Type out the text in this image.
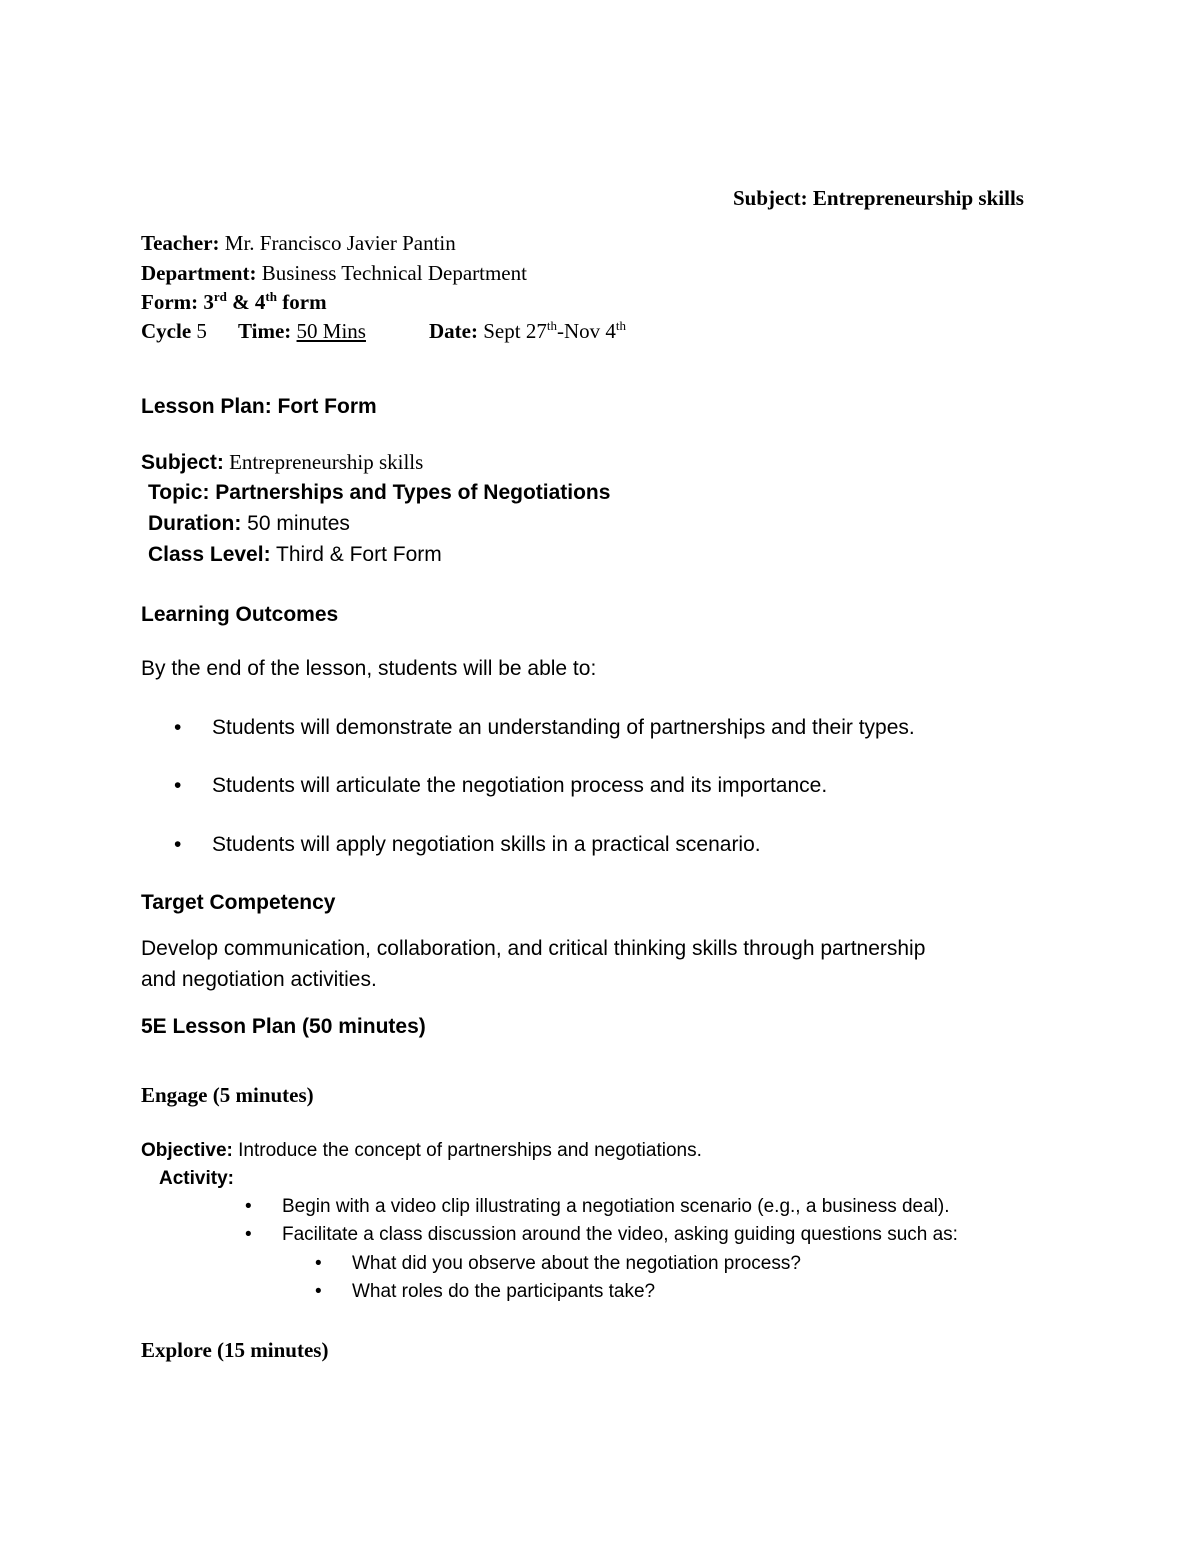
Subject: Entrepreneurship skills
Teacher: Mr. Francisco Javier Pantin
Department: Business Technical Department
Form: 3rd & 4th form
Cycle 5 Time: 50 Mins	Date: Sept 27th-Nov 4th
Lesson Plan: Fort Form
Subject: Entrepreneurship skills
Topic: Partnerships and Types of Negotiations
Duration: 50 minutes
Class Level: Third & Fort Form
Learning Outcomes
By the end of the lesson, students will be able to:
• Students will demonstrate an understanding of partnerships and their types.
• Students will articulate the negotiation process and its importance.
• Students will apply negotiation skills in a practical scenario.
Target Competency
Develop communication, collaboration, and critical thinking skills through partnership
and negotiation activities.
5E Lesson Plan (50 minutes)
Engage (5 minutes)
Objective: Introduce the concept of partnerships and negotiations.
Activity:
• Begin with a video clip illustrating a negotiation scenario (e.g., a business deal).
• Facilitate a class discussion around the video, asking guiding questions such as:
• What did you observe about the negotiation process?
• What roles do the participants take?
Explore (15 minutes)
